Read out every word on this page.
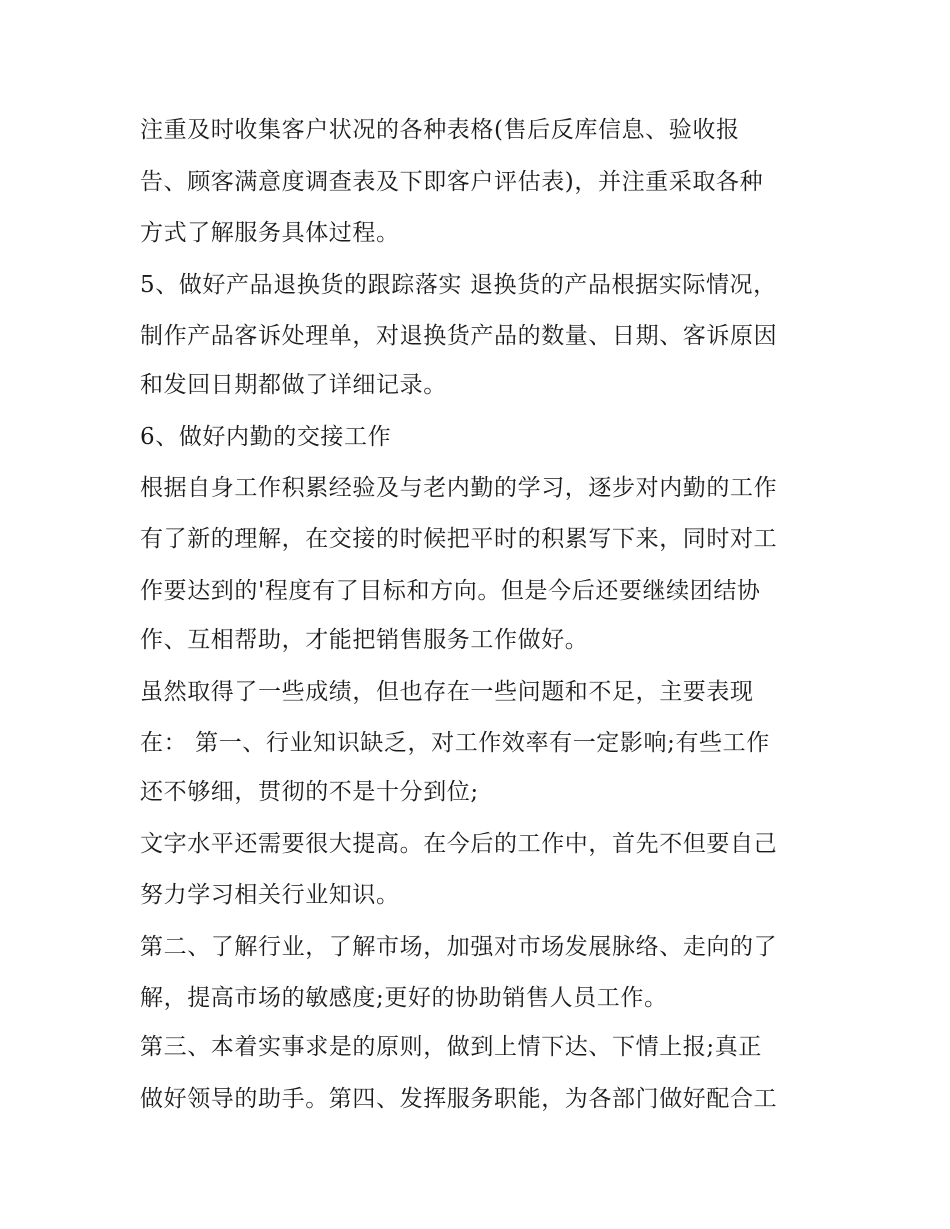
注重及时收集客户状况的各种表格(售后反库信息、验收报
告、顾客满意度调查表及下即客户评估表)，并注重采取各种
方式了解服务具体过程。
5、做好产品退换货的跟踪落实 退换货的产品根据实际情况，
制作产品客诉处理单，对退换货产品的数量、日期、客诉原因
和发回日期都做了详细记录。
6、做好内勤的交接工作
根据自身工作积累经验及与老内勤的学习，逐步对内勤的工作
有了新的理解，在交接的时候把平时的积累写下来，同时对工
作要达到的'程度有了目标和方向。但是今后还要继续团结协
作、互相帮助，才能把销售服务工作做好。
虽然取得了一些成绩，但也存在一些问题和不足，主要表现
在： 第一、行业知识缺乏，对工作效率有一定影响;有些工作
还不够细，贯彻的不是十分到位;
文字水平还需要很大提高。在今后的工作中，首先不但要自己
努力学习相关行业知识。
第二、了解行业，了解市场，加强对市场发展脉络、走向的了
解，提高市场的敏感度;更好的协助销售人员工作。
第三、本着实事求是的原则，做到上情下达、下情上报;真正
做好领导的助手。第四、发挥服务职能，为各部门做好配合工
